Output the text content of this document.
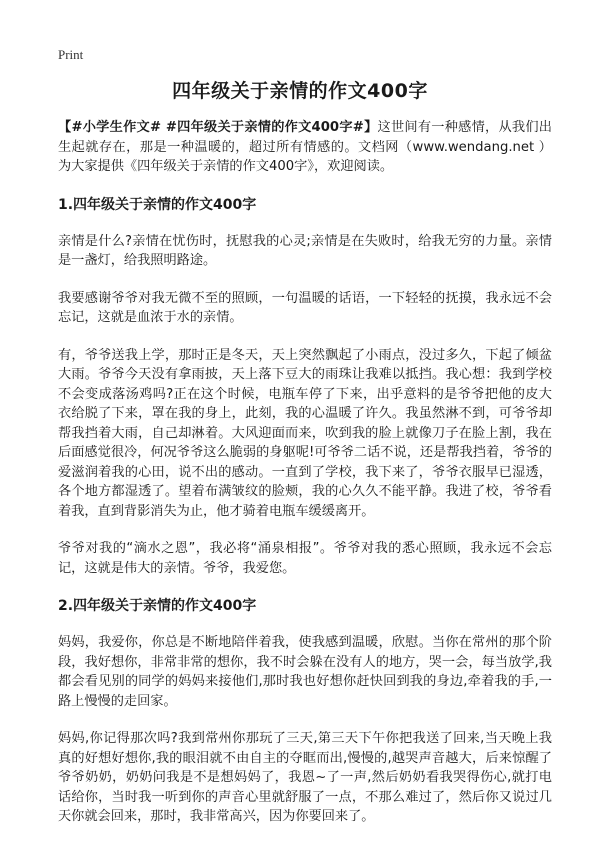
Print
四年级关于亲情的作文400字

【#小学生作文# #四年级关于亲情的作文400字#】这世间有一种感情，从我们出生起就存在，那是一种温暖的，超过所有情感的。文档网（www.wendang.net ）为大家提供《四年级关于亲情的作文400字》，欢迎阅读。

1.四年级关于亲情的作文400字

亲情是什么?亲情在忧伤时，抚慰我的心灵;亲情是在失败时，给我无穷的力量。亲情是一盏灯，给我照明路途。

我要感谢爷爷对我无微不至的照顾，一句温暖的话语，一下轻轻的抚摸，我永远不会忘记，这就是血浓于水的亲情。

有，爷爷送我上学，那时正是冬天，天上突然飘起了小雨点，没过多久，下起了倾盆大雨。爷爷今天没有拿雨披，天上落下豆大的雨珠让我难以抵挡。我心想：我到学校不会变成落汤鸡吗?正在这个时候，电瓶车停了下来，出乎意料的是爷爷把他的皮大衣给脱了下来，罩在我的身上，此刻，我的心温暖了许久。我虽然淋不到，可爷爷却帮我挡着大雨，自己却淋着。大风迎面而来，吹到我的脸上就像刀子在脸上割，我在后面感觉很冷，何况爷爷这么脆弱的身躯呢!可爷爷二话不说，还是帮我挡着，爷爷的爱滋润着我的心田，说不出的感动。一直到了学校，我下来了，爷爷衣服早已湿透，各个地方都湿透了。望着布满皱纹的脸颊，我的心久久不能平静。我进了校，爷爷看着我，直到背影消失为止，他才骑着电瓶车缓缓离开。

爷爷对我的“滴水之恩”，我必将“涌泉相报”。爷爷对我的悉心照顾，我永远不会忘记，这就是伟大的亲情。爷爷，我爱您。

2.四年级关于亲情的作文400字

妈妈，我爱你，你总是不断地陪伴着我，使我感到温暖，欣慰。当你在常州的那个阶段，我好想你，非常非常的想你，我不时会躲在没有人的地方，哭一会，每当放学,我都会看见别的同学的妈妈来接他们,那时我也好想你赶快回到我的身边,牵着我的手,一路上慢慢的走回家。

妈妈,你记得那次吗?我到常州你那玩了三天,第三天下午你把我送了回来,当天晚上我真的好想好想你,我的眼泪就不由自主的夺眶而出,慢慢的,越哭声音越大，后来惊醒了爷爷奶奶，奶奶问我是不是想妈妈了，我恩~了一声,然后奶奶看我哭得伤心,就打电话给你，当时我一听到你的声音心里就舒服了一点，不那么难过了，然后你又说过几天你就会回来，那时，我非常高兴，因为你要回来了。
